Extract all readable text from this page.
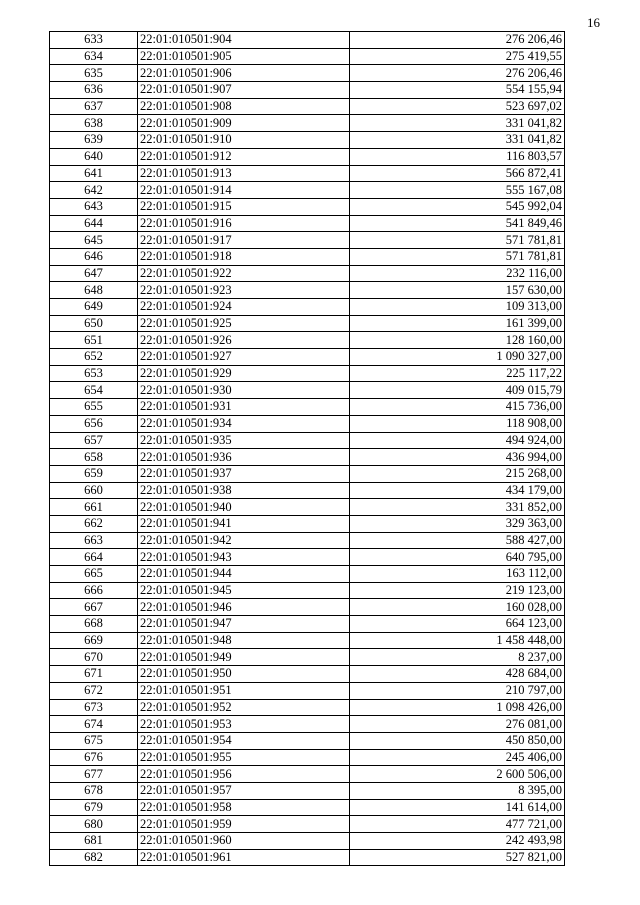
16
633	22:01:010501:904	276 206,46
634	22:01:010501:905	275 419,55
635	22:01:010501:906	276 206,46
636	22:01:010501:907	554 155,94
637	22:01:010501:908	523 697,02
638	22:01:010501:909	331 041,82
639	22:01:010501:910	331 041,82
640	22:01:010501:912	116 803,57
641	22:01:010501:913	566 872,41
642	22:01:010501:914	555 167,08
643	22:01:010501:915	545 992,04
644	22:01:010501:916	541 849,46
645	22:01:010501:917	571 781,81
646	22:01:010501:918	571 781,81
647	22:01:010501:922	232 116,00
648	22:01:010501:923	157 630,00
649	22:01:010501:924	109 313,00
650	22:01:010501:925	161 399,00
651	22:01:010501:926	128 160,00
652	22:01:010501:927	1 090 327,00
653	22:01:010501:929	225 117,22
654	22:01:010501:930	409 015,79
655	22:01:010501:931	415 736,00
656	22:01:010501:934	118 908,00
657	22:01:010501:935	494 924,00
658	22:01:010501:936	436 994,00
659	22:01:010501:937	215 268,00
660	22:01:010501:938	434 179,00
661	22:01:010501:940	331 852,00
662	22:01:010501:941	329 363,00
663	22:01:010501:942	588 427,00
664	22:01:010501:943	640 795,00
665	22:01:010501:944	163 112,00
666	22:01:010501:945	219 123,00
667	22:01:010501:946	160 028,00
668	22:01:010501:947	664 123,00
669	22:01:010501:948	1 458 448,00
670	22:01:010501:949	8 237,00
671	22:01:010501:950	428 684,00
672	22:01:010501:951	210 797,00
673	22:01:010501:952	1 098 426,00
674	22:01:010501:953	276 081,00
675	22:01:010501:954	450 850,00
676	22:01:010501:955	245 406,00
677	22:01:010501:956	2 600 506,00
678	22:01:010501:957	8 395,00
679	22:01:010501:958	141 614,00
680	22:01:010501:959	477 721,00
681	22:01:010501:960	242 493,98
682	22:01:010501:961	527 821,00
